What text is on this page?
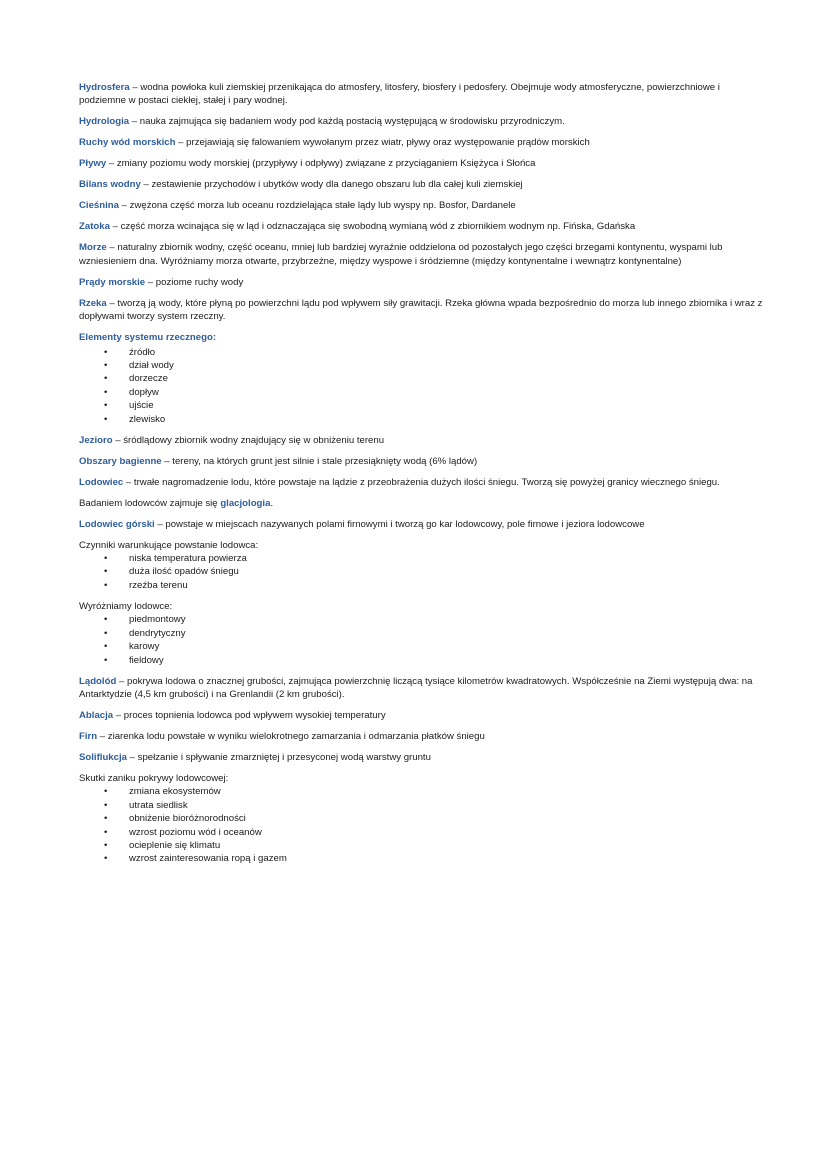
Hydrosfera – wodna powłoka kuli ziemskiej przenikająca do atmosfery, litosfery, biosfery i pedosfery. Obejmuje wody atmosferyczne, powierzchniowe i podziemne w postaci ciekłej, stałej i pary wodnej.

Hydrologia – nauka zajmująca się badaniem wody pod każdą postacią występującą w środowisku przyrodniczym.

Ruchy wód morskich – przejawiają się falowaniem wywołanym przez wiatr, pływy oraz występowanie prądów morskich

Pływy – zmiany poziomu wody morskiej (przypływy i odpływy) związane z przyciąganiem Księżyca i Słońca

Bilans wodny – zestawienie przychodów i ubytków wody dla danego obszaru lub dla całej kuli ziemskiej

Cieśnina – zwężona część morza lub oceanu rozdzielająca stałe lądy lub wyspy np. Bosfor, Dardanele

Zatoka – część morza wcinająca się w ląd i odznaczająca się swobodną wymianą wód z zbiornikiem wodnym np. Fińska, Gdańska

Morze – naturalny zbiornik wodny, część oceanu, mniej lub bardziej wyraźnie oddzielona od pozostałych jego części brzegami kontynentu, wyspami lub wzniesieniem dna. Wyróżniamy morza otwarte, przybrzeżne, między wyspowe i śródziemne (między kontynentalne i wewnątrz kontynentalne)

Prądy morskie – poziome ruchy wody

Rzeka – tworzą ją wody, które płyną po powierzchni lądu pod wpływem siły grawitacji. Rzeka główna wpada bezpośrednio do morza lub innego zbiornika i wraz z dopływami tworzy system rzeczny.

Elementy systemu rzecznego:
• źródło
• dział wody
• dorzecze
• dopływ
• ujście
• zlewisko

Jezioro – śródlądowy zbiornik wodny znajdujący się w obniżeniu terenu

Obszary bagienne – tereny, na których grunt jest silnie i stale przesiąknięty wodą (6% lądów)

Lodowiec – trwałe nagromadzenie lodu, które powstaje na lądzie z przeobrażenia dużych ilości śniegu. Tworzą się powyżej granicy wiecznego śniegu.

Badaniem lodowców zajmuje się glacjologia.

Lodowiec górski – powstaje w miejscach nazywanych polami firnowymi i tworzą go kar lodowcowy, pole firnowe i jeziora lodowcowe

Czynniki warunkujące powstanie lodowca:

• niska temperatura powierza
• duża ilość opadów śniegu
• rzeźba terenu

Wyróżniamy lodowce:

• piedmontowy
• dendrytyczny
• karowy
• fieldowy

Lądolód – pokrywa lodowa o znacznej grubości, zajmująca powierzchnię liczącą tysiące kilometrów kwadratowych. Współcześnie na Ziemi występują dwa: na Antarktydzie (4,5 km grubości) i na Grenlandii (2 km grubości).

Ablacja – proces topnienia lodowca pod wpływem wysokiej temperatury

Firn – ziarenka lodu powstałe w wyniku wielokrotnego zamarzania i odmarzania płatków śniegu

Soliflukcja – spełzanie i spływanie zmarzniętej i przesyconej wodą warstwy gruntu

Skutki zaniku pokrywy lodowcowej:

• zmiana ekosystemów
• utrata siedlisk
• obniżenie bioróżnorodności
• wzrost poziomu wód i oceanów
• ocieplenie się klimatu
• wzrost zainteresowania ropą i gazem
